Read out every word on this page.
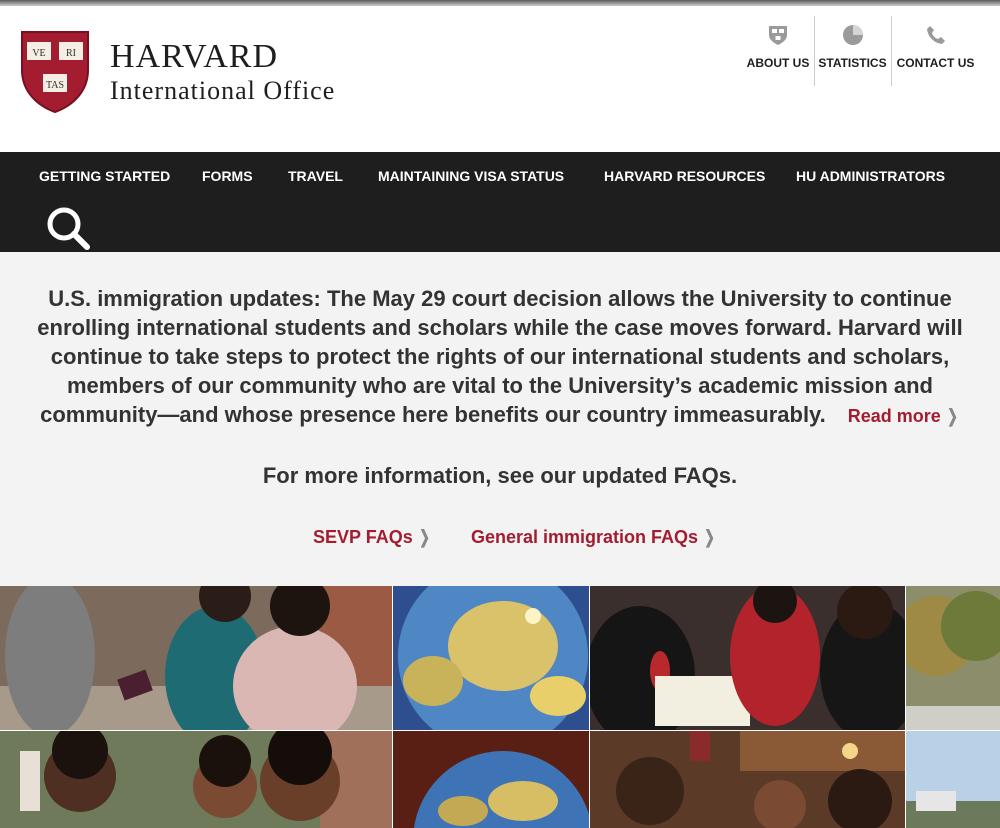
VE RI
TAS
HARVARD
International Office
ABOUT US STATISTICS CONTACT US
GETTING STARTED FORMS	TRAVEL	MAINTAINING VISA STATUS	HARVARD RESOURCES HU ADMINISTRATORS

U.S. immigration updates: The May 29 court decision allows the University to continue enrolling international students and scholars while the case moves forward. Harvard will continue to take steps to protect the rights of our international students and scholars, members of our community who are vital to the University’s academic mission and community—and whose presence here benefits our country immeasurably. Read more ❯

For more information, see our updated FAQs.
SEVP FAQs ❯ General immigration FAQs ❯
